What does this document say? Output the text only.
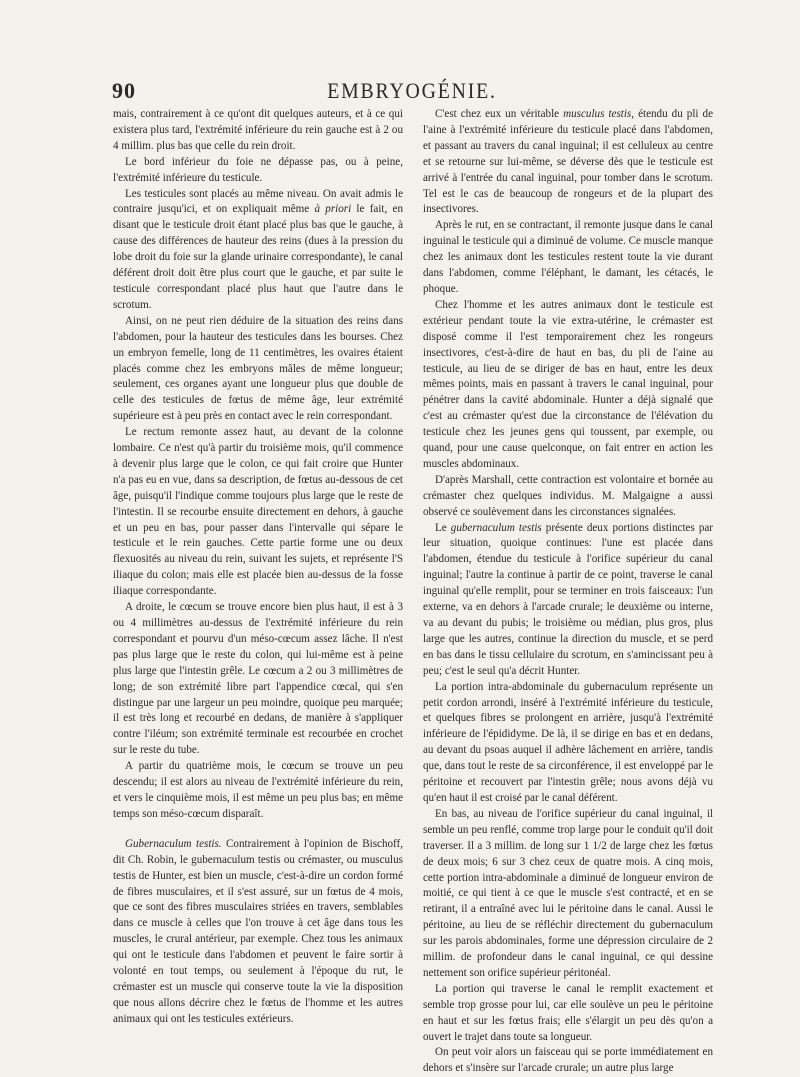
90	EMBRYOGÉNIE.

mais, contrairement à ce qu'ont dit quelques auteurs, et à ce qui existera plus tard, l'extrémité inférieure du rein gauche est à 2 ou 4 millim. plus bas que celle du rein droit.

Le bord inférieur du foie ne dépasse pas, ou à peine, l'extrémité inférieure du testicule.

Les testicules sont placés au même niveau. On avait admis le contraire jusqu'ici, et on expliquait même à priori le fait, en disant que le testicule droit étant placé plus bas que le gauche, à cause des différences de hauteur des reins (dues à la pression du lobe droit du foie sur la glande urinaire correspondante), le canal déférent droit doit être plus court que le gauche, et par suite le testicule correspondant placé plus haut que l'autre dans le scrotum.

Ainsi, on ne peut rien déduire de la situation des reins dans l'abdomen, pour la hauteur des testicules dans les bourses. Chez un embryon femelle, long de 11 centimètres, les ovaires étaient placés comme chez les embryons mâles de même longueur; seulement, ces organes ayant une longueur plus que double de celle des testicules de fœtus de même âge, leur extrémité supérieure est à peu près en contact avec le rein correspondant.

Le rectum remonte assez haut, au devant de la colonne lombaire. Ce n'est qu'à partir du troisième mois, qu'il commence à devenir plus large que le colon, ce qui fait croire que Hunter n'a pas eu en vue, dans sa description, de fœtus au-dessous de cet âge, puisqu'il l'indique comme toujours plus large que le reste de l'intestin. Il se recourbe ensuite directement en dehors, à gauche et un peu en bas, pour passer dans l'intervalle qui sépare le testicule et le rein gauches. Cette partie forme une ou deux flexuosités au niveau du rein, suivant les sujets, et représente l'S iliaque du colon; mais elle est placée bien au-dessus de la fosse iliaque correspondante.

A droite, le cœcum se trouve encore bien plus haut, il est à 3 ou 4 millimètres au-dessus de l'extrémité inférieure du rein correspondant et pourvu d'un méso-cœcum assez lâche. Il n'est pas plus large que le reste du colon, qui lui-même est à peine plus large que l'intestin grêle. Le cœcum a 2 ou 3 millimètres de long; de son extrémité libre part l'appendice cœcal, qui s'en distingue par une largeur un peu moindre, quoique peu marquée; il est très long et recourbé en dedans, de manière à s'appliquer contre l'iléum; son extrémité terminale est recourbée en crochet sur le reste du tube.

A partir du quatrième mois, le cœcum se trouve un peu descendu; il est alors au niveau de l'extrémité inférieure du rein, et vers le cinquième mois, il est même un peu plus bas; en même temps son méso-cœcum disparaît.

Gubernaculum testis. Contrairement à l'opinion de Bischoff, dit Ch. Robin, le gubernaculum testis ou crémaster, ou musculus testis de Hunter, est bien un muscle, c'est-à-dire un cordon formé de fibres musculaires, et il s'est assuré, sur un fœtus de 4 mois, que ce sont des fibres musculaires striées en travers, semblables dans ce muscle à celles que l'on trouve à cet âge dans tous les muscles, le crural antérieur, par exemple. Chez tous les animaux qui ont le testicule dans l'abdomen et peuvent le faire sortir à volonté en tout temps, ou seulement à l'époque du rut, le crémaster est un muscle qui conserve toute la vie la disposition que nous allons décrire chez le fœtus de l'homme et les autres animaux qui ont les testicules extérieurs.

C'est chez eux un véritable musculus testis, étendu du pli de l'aine à l'extrémité inférieure du testicule placé dans l'abdomen, et passant au travers du canal inguinal; il est celluleux au centre et se retourne sur lui-même, se déverse dès que le testicule est arrivé à l'entrée du canal inguinal, pour tomber dans le scrotum. Tel est le cas de beaucoup de rongeurs et de la plupart des insectivores.

Après le rut, en se contractant, il remonte jusque dans le canal inguinal le testicule qui a diminué de volume. Ce muscle manque chez les animaux dont les testicules restent toute la vie durant dans l'abdomen, comme l'éléphant, le damant, les cétacés, le phoque.

Chez l'homme et les autres animaux dont le testicule est extérieur pendant toute la vie extra-utérine, le crémaster est disposé comme il l'est temporairement chez les rongeurs insectivores, c'est-à-dire de haut en bas, du pli de l'aine au testicule, au lieu de se diriger de bas en haut, entre les deux mêmes points, mais en passant à travers le canal inguinal, pour pénétrer dans la cavité abdominale. Hunter a déjà signalé que c'est au crémaster qu'est due la circonstance de l'élévation du testicule chez les jeunes gens qui toussent, par exemple, ou quand, pour une cause quelconque, on fait entrer en action les muscles abdominaux.

D'après Marshall, cette contraction est volontaire et bornée au crémaster chez quelques individus. M. Malgaigne a aussi observé ce soulèvement dans les circonstances signalées.

Le gubernaculum testis présente deux portions distinctes par leur situation, quoique continues: l'une est placée dans l'abdomen, étendue du testicule à l'orifice supérieur du canal inguinal; l'autre la continue à partir de ce point, traverse le canal inguinal qu'elle remplit, pour se terminer en trois faisceaux: l'un externe, va en dehors à l'arcade crurale; le deuxième ou interne, va au devant du pubis; le troisième ou médian, plus gros, plus large que les autres, continue la direction du muscle, et se perd en bas dans le tissu cellulaire du scrotum, en s'amincissant peu à peu; c'est le seul qu'a décrit Hunter.

La portion intra-abdominale du gubernaculum représente un petit cordon arrondi, inséré à l'extrémité inférieure du testicule, et quelques fibres se prolongent en arrière, jusqu'à l'extrémité inférieure de l'épididyme. De là, il se dirige en bas et en dedans, au devant du psoas auquel il adhère lâchement en arrière, tandis que, dans tout le reste de sa circonférence, il est enveloppé par le péritoine et recouvert par l'intestin grêle; nous avons déjà vu qu'en haut il est croisé par le canal déférent.

En bas, au niveau de l'orifice supérieur du canal inguinal, il semble un peu renflé, comme trop large pour le conduit qu'il doit traverser. Il a 3 millim. de long sur 1 1/2 de large chez les fœtus de deux mois; 6 sur 3 chez ceux de quatre mois. A cinq mois, cette portion intra-abdominale a diminué de longueur environ de moitié, ce qui tient à ce que le muscle s'est contracté, et en se retirant, il a entraîné avec lui le péritoine dans le canal. Aussi le péritoine, au lieu de se réfléchir directement du gubernaculum sur les parois abdominales, forme une dépression circulaire de 2 millim. de profondeur dans le canal inguinal, ce qui dessine nettement son orifice supérieur péritonéal.

La portion qui traverse le canal le remplit exactement et semble trop grosse pour lui, car elle soulève un peu le péritoine en haut et sur les fœtus frais; elle s'élargit un peu dès qu'on a ouvert le trajet dans toute sa longueur.

On peut voir alors un faisceau qui se porte immédiatement en dehors et s'insère sur l'arcade crurale; un autre plus large
